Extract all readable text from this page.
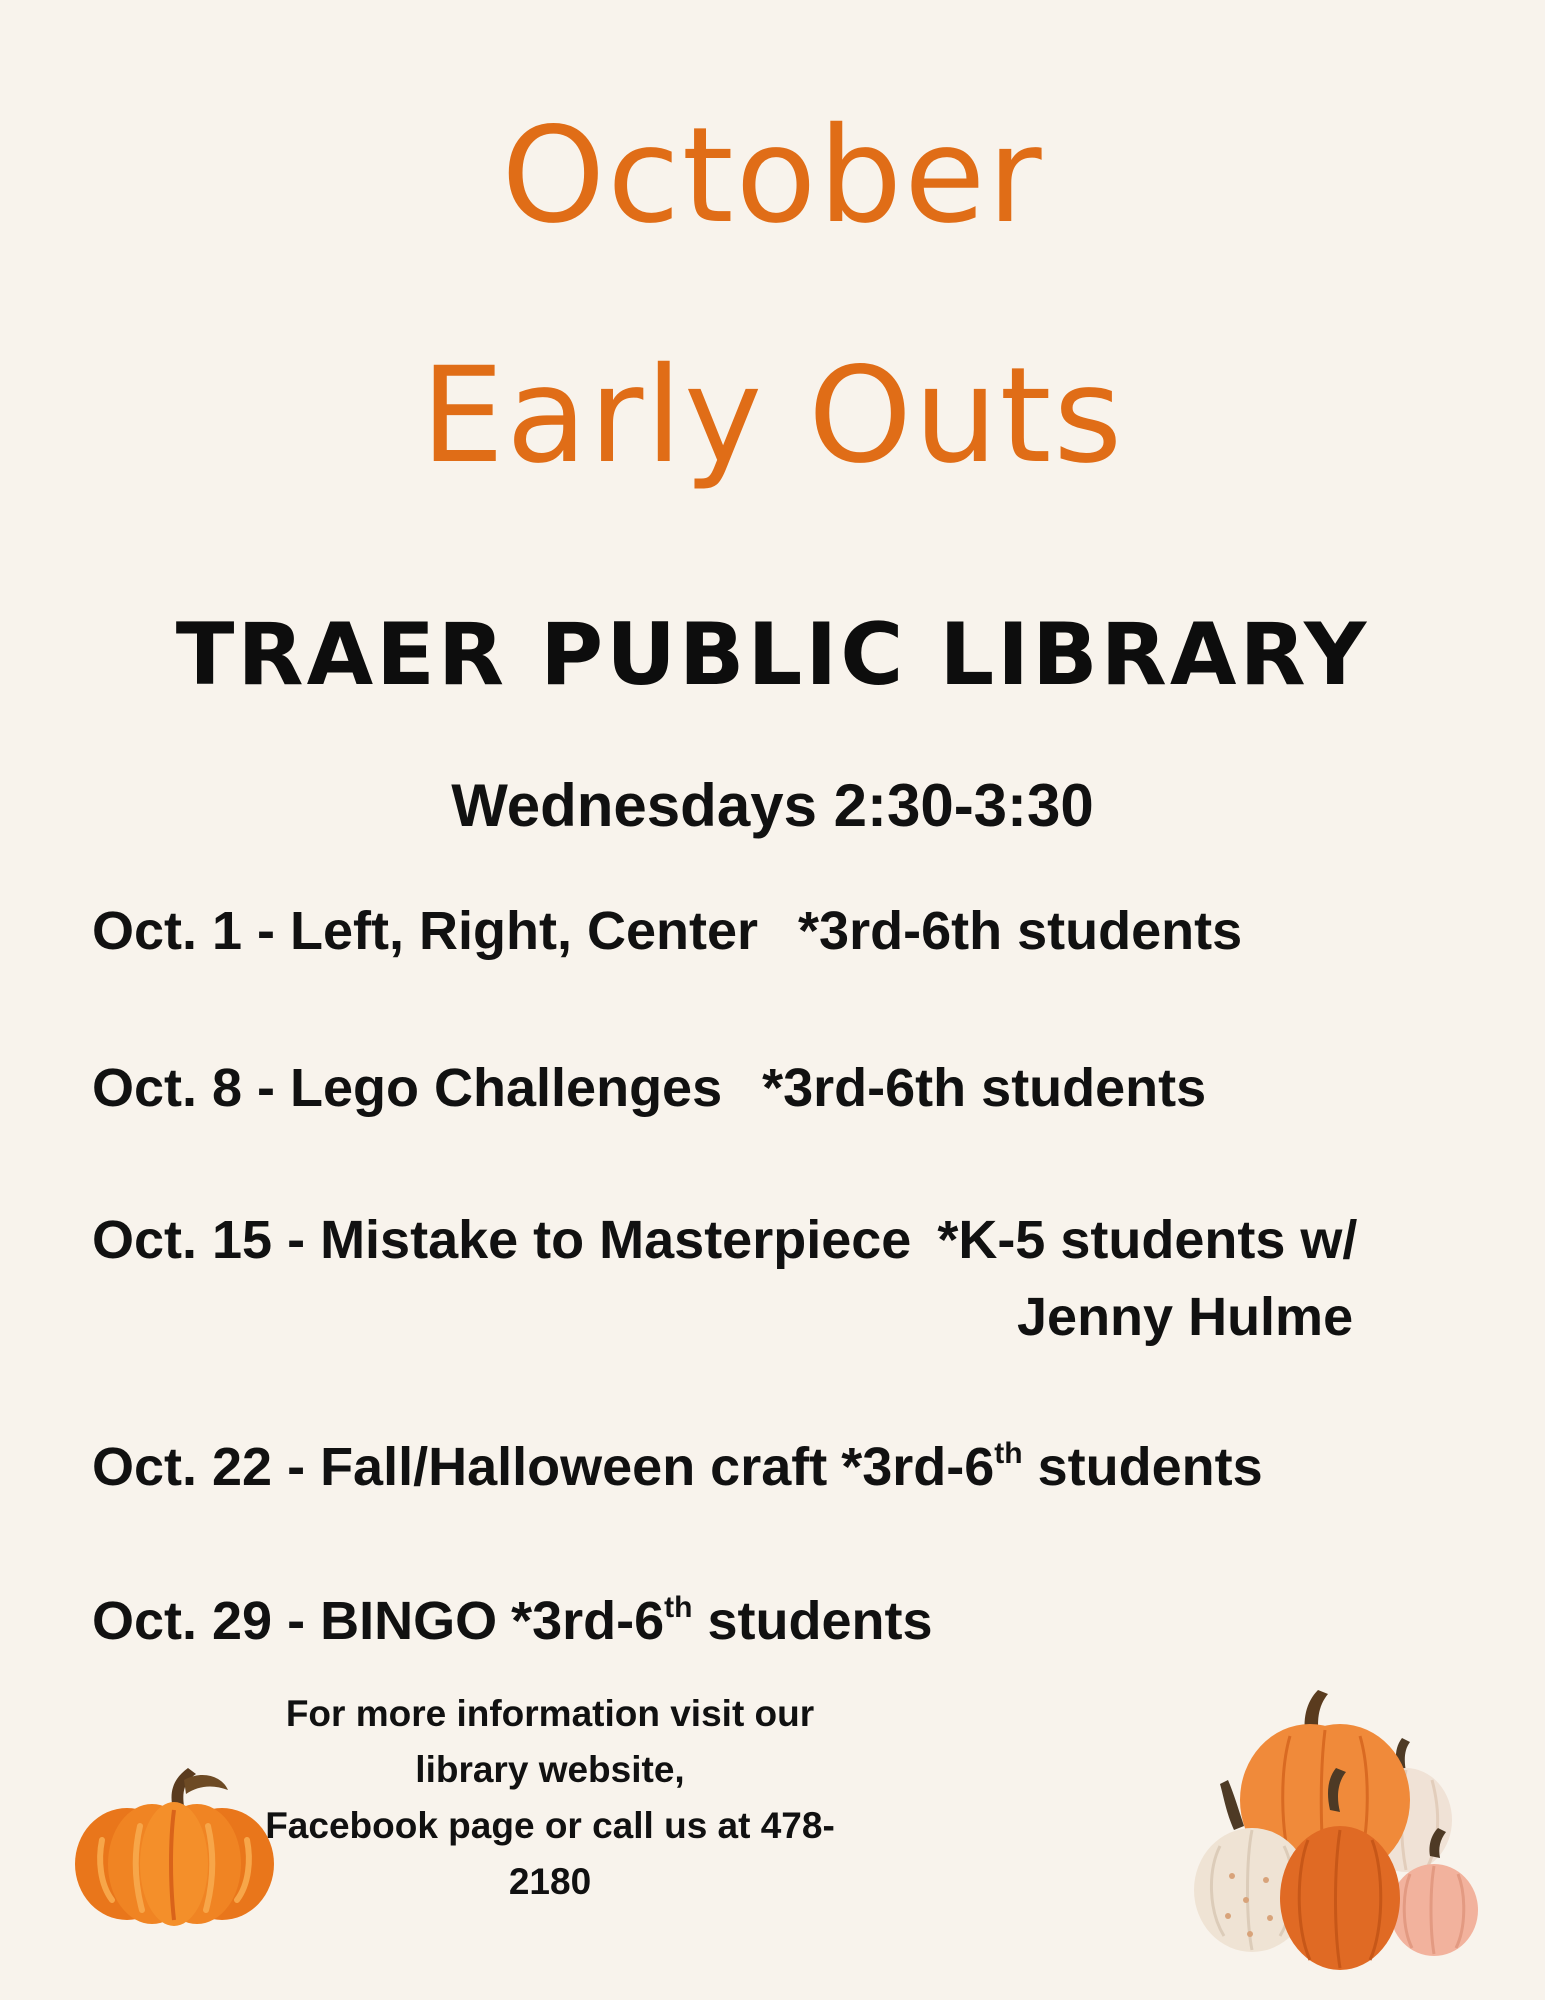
October
Early Outs
TRAER PUBLIC LIBRARY

Wednesdays 2:30-3:30

Oct. 1 - Left, Right, Center *3rd-6th students
Oct. 8 - Lego Challenges *3rd-6th students
Oct. 15 - Mistake to Masterpiece *K-5 students w/
Jenny Hulme
Oct. 22 - Fall/Halloween craft *3rd-6th students
Oct. 29 - BINGO *3rd-6th students
For more information visit our library website,
Facebook page or call us at 478-2180
